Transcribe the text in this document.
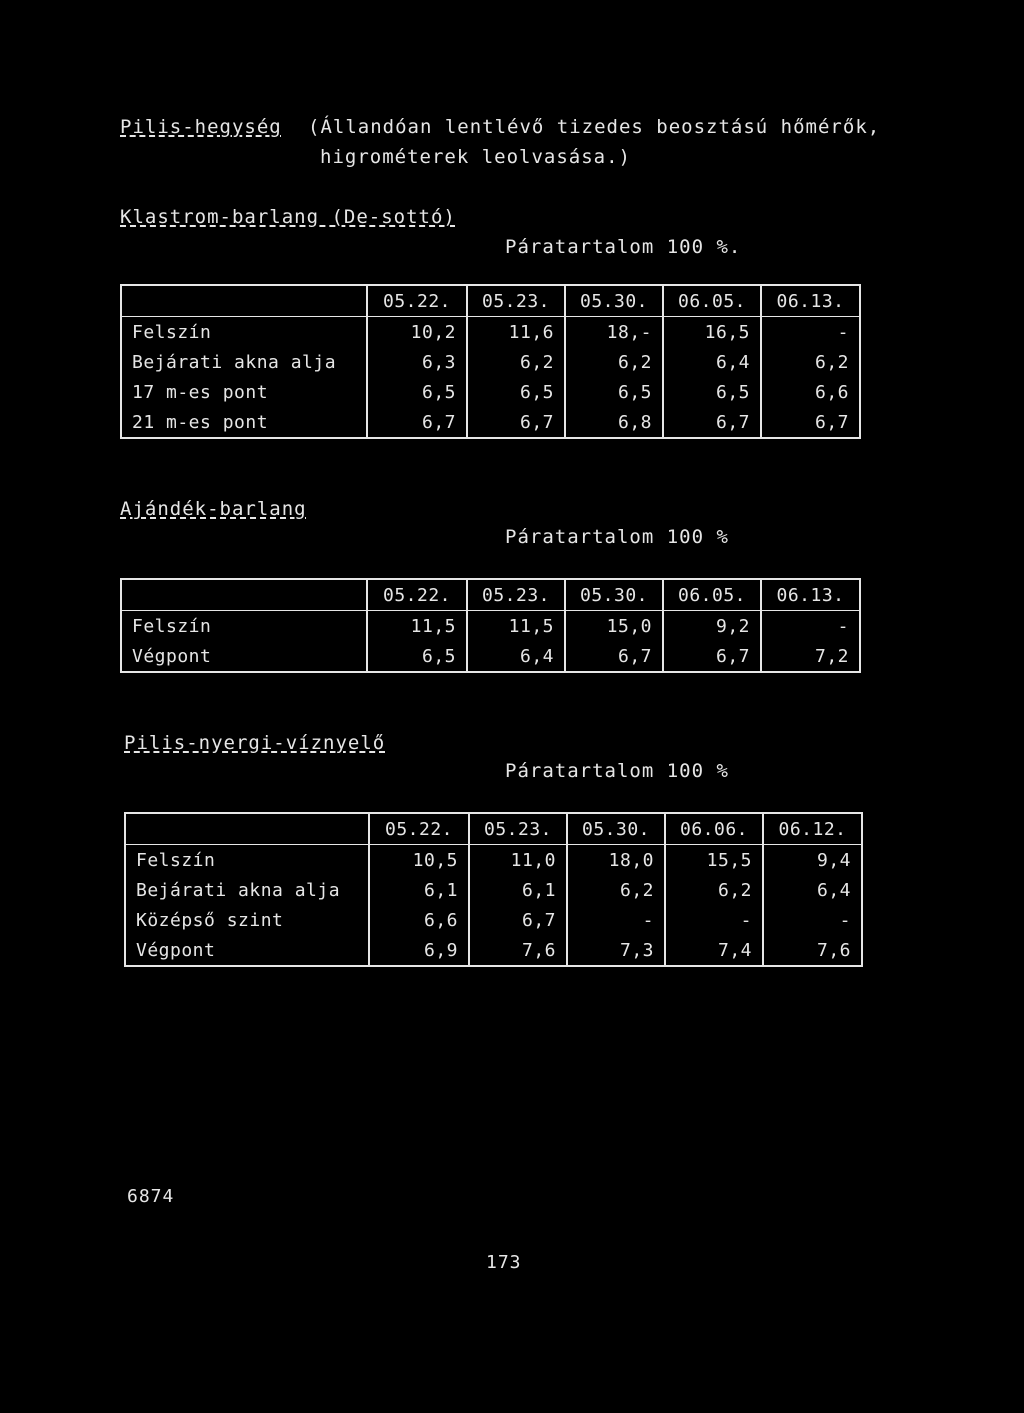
Pilis-hegység (Állandóan lentlévő tizedes beosztású hőmérők,
higrométerek leolvasása.)
Klastrom-barlang (De-sottó)
Páratartalom 100 %.
	05.22.	05.23.	05.30.	06.05.	06.13.
Felszín	10,2	11,6	18,-	16,5	-
Bejárati akna alja	6,3	6,2	6,2	6,4	6,2
17 m-es pont	6,5	6,5	6,5	6,5	6,6
21 m-es pont	6,7	6,7	6,8	6,7	6,7
Ajándék-barlang
Páratartalom 100 %
	05.22.	05.23.	05.30.	06.05.	06.13.
Felszín	11,5	11,5	15,0	9,2	-
Végpont	6,5	6,4	6,7	6,7	7,2
Pilis-nyergi-víznyelő
Páratartalom 100 %
	05.22.	05.23.	05.30.	06.06.	06.12.
Felszín	10,5	11,0	18,0	15,5	9,4
Bejárati akna alja	6,1	6,1	6,2	6,2	6,4
Középső szint	6,6	6,7	-	-	-
Végpont	6,9	7,6	7,3	7,4	7,6
6874
173
